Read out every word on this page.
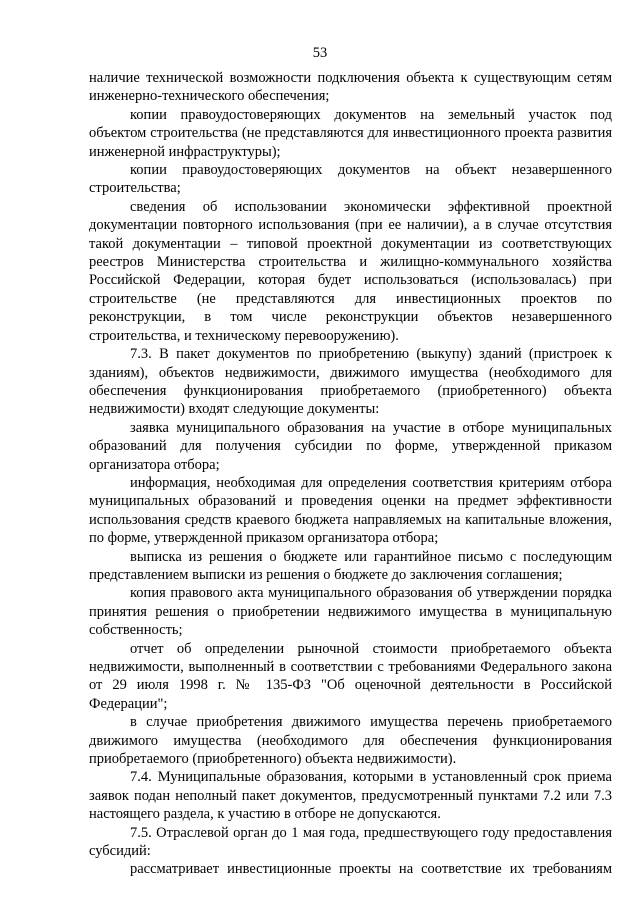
53

наличие технической возможности подключения объекта к существующим сетям инженерно-технического обеспечения;

копии правоудостоверяющих документов на земельный участок под объектом строительства (не представляются для инвестиционного проекта развития инженерной инфраструктуры);

копии правоудостоверяющих документов на объект незавершенного строительства;

сведения об использовании экономически эффективной проектной документации повторного использования (при ее наличии), а в случае отсутствия такой документации – типовой проектной документации из соответствующих реестров Министерства строительства и жилищно-коммунального хозяйства Российской Федерации, которая будет использоваться (использовалась) при строительстве (не представляются для инвестиционных проектов по реконструкции, в том числе реконструкции объектов незавершенного строительства, и техническому перевооружению).

7.3. В пакет документов по приобретению (выкупу) зданий (пристроек к зданиям), объектов недвижимости, движимого имущества (необходимого для обеспечения функционирования приобретаемого (приобретенного) объекта недвижимости) входят следующие документы:

заявка муниципального образования на участие в отборе муниципальных образований для получения субсидии по форме, утвержденной приказом организатора отбора;

информация, необходимая для определения соответствия критериям отбора муниципальных образований и проведения оценки на предмет эффективности использования средств краевого бюджета направляемых на капитальные вложения, по форме, утвержденной приказом организатора отбора;

выписка из решения о бюджете или гарантийное письмо с последующим представлением выписки из решения о бюджете до заключения соглашения;

копия правового акта муниципального образования об утверждении порядка принятия решения о приобретении недвижимого имущества в муниципальную собственность;

отчет об определении рыночной стоимости приобретаемого объекта недвижимости, выполненный в соответствии с требованиями Федерального закона от 29 июля 1998 г. № 135-ФЗ "Об оценочной деятельности в Российской Федерации";

в случае приобретения движимого имущества перечень приобретаемого движимого имущества (необходимого для обеспечения функционирования приобретаемого (приобретенного) объекта недвижимости).

7.4. Муниципальные образования, которыми в установленный срок приема заявок подан неполный пакет документов, предусмотренный пунктами 7.2 или 7.3 настоящего раздела, к участию в отборе не допускаются.

7.5. Отраслевой орган до 1 мая года, предшествующего году предоставления субсидий:

рассматривает инвестиционные проекты на соответствие их требованиям
